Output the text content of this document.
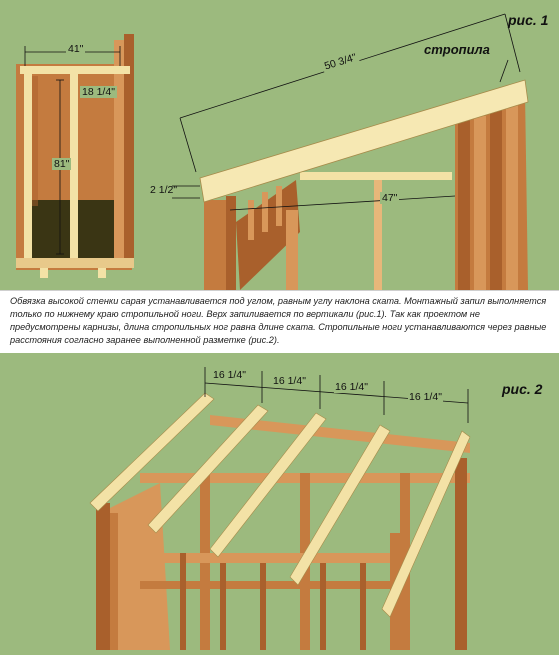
рис. 1
стропила
41"
81"
18 1/4"
50 3/4"
2 1/2"
47"

Обвязка высокой стенки сарая устанавливается под углом, равным углу наклона ската. Монтажный запил выполняется только по нижнему краю стропильной ноги. Верх запиливается по вертикали (рис.1). Так как проектом не предусмотрены карнизы, длина стропильных ног равна длине ската. Стропильные ноги устанавливаются через равные расстояния согласно заранее выполненной разметке (рис.2).

рис. 2
16 1/4"	16 1/4"	16 1/4"
16 1/4"
